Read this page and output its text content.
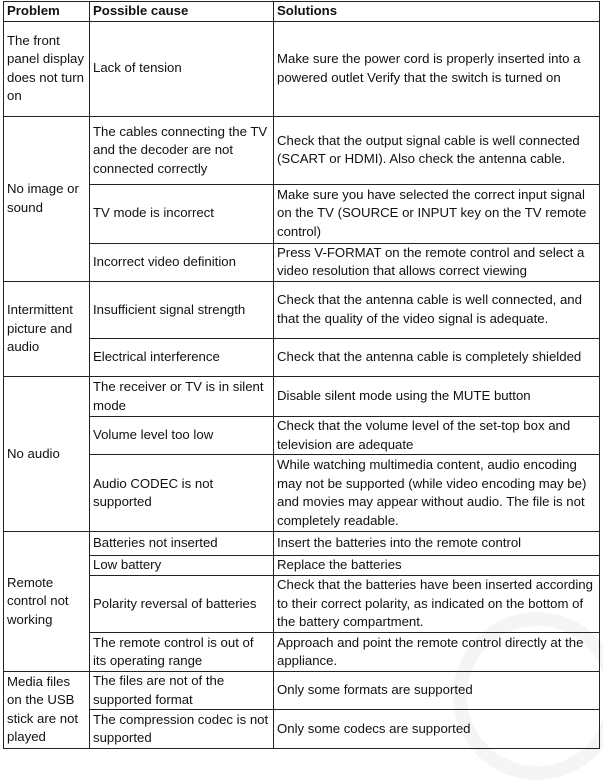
Problem	Possible cause	Solutions
The front panel display does not turn on	Lack of tension	Make sure the power cord is properly inserted into a powered outlet Verify that the switch is turned on
No image or sound	The cables connecting the TV and the decoder are not connected correctly	Check that the output signal cable is well connected (SCART or HDMI). Also check the antenna cable.
	TV mode is incorrect	Make sure you have selected the correct input signal on the TV (SOURCE or INPUT key on the TV remote control)
	Incorrect video definition	Press V-FORMAT on the remote control and select a video resolution that allows correct viewing
Intermittent picture and audio	Insufficient signal strength	Check that the antenna cable is well connected, and that the quality of the video signal is adequate.
	Electrical interference	Check that the antenna cable is completely shielded
No audio	The receiver or TV is in silent mode	Disable silent mode using the MUTE button
	Volume level too low	Check that the volume level of the set-top box and television are adequate
	Audio CODEC is not supported	While watching multimedia content, audio encoding may not be supported (while video encoding may be) and movies may appear without audio. The file is not completely readable.
Remote control not working	Batteries not inserted	Insert the batteries into the remote control
	Low battery	Replace the batteries
	Polarity reversal of batteries	Check that the batteries have been inserted according to their correct polarity, as indicated on the bottom of the battery compartment.
	The remote control is out of its operating range	Approach and point the remote control directly at the appliance.
Media files on the USB stick are not played	The files are not of the supported format	Only some formats are supported
	The compression codec is not supported	Only some codecs are supported
